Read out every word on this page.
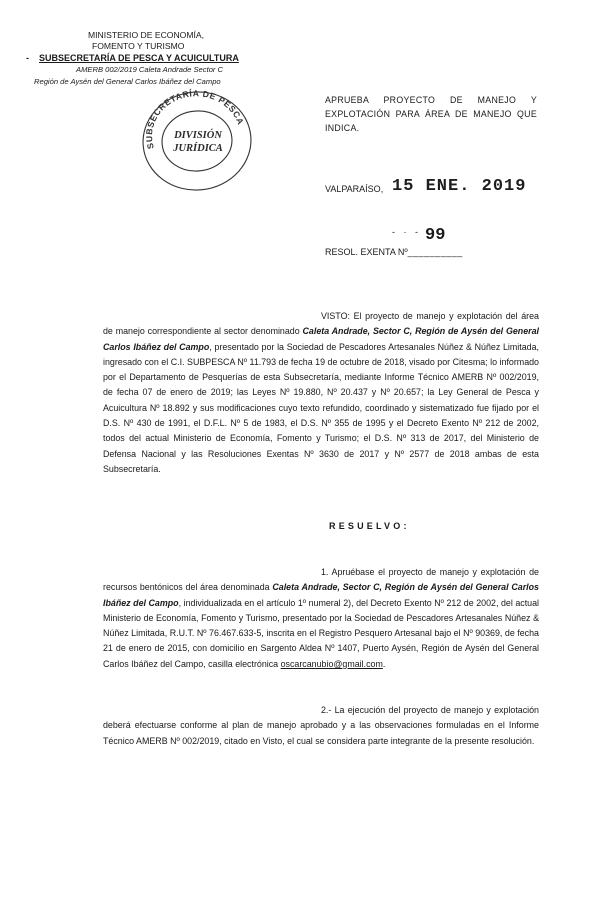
MINISTERIO DE ECONOMÍA,
FOMENTO Y TURISMO
- SUBSECRETARÍA DE PESCA Y ACUICULTURA
AMERB 002/2019 Caleta Andrade Sector C
Región de Aysén del General Carlos Ibáñez del Campo
SUBSECRETARÍA DE PESCA
DIVISIÓN
JURÍDICA
APRUEBA PROYECTO DE MANEJO Y
EXPLOTACIÓN PARA ÁREA DE MANEJO QUE
INDICA.
VALPARAÍSO, 15 ENE. 2019
- · - 99
RESOL. EXENTA Nº__________
VISTO: El proyecto de manejo y explotación del área de manejo correspondiente al sector denominado Caleta Andrade, Sector C, Región de Aysén del General Carlos Ibáñez del Campo, presentado por la Sociedad de Pescadores Artesanales Núñez & Núñez Limitada, ingresado con el C.I. SUBPESCA Nº 11.793 de fecha 19 de octubre de 2018, visado por Citesma; lo informado por el Departamento de Pesquerías de esta Subsecretaría, mediante Informe Técnico AMERB Nº 002/2019, de fecha 07 de enero de 2019; las Leyes Nº 19.880, Nº 20.437 y Nº 20.657; la Ley General de Pesca y Acuicultura Nº 18.892 y sus modificaciones cuyo texto refundido, coordinado y sistematizado fue fijado por el D.S. Nº 430 de 1991, el D.F.L. Nº 5 de 1983, el D.S. Nº 355 de 1995 y el Decreto Exento Nº 212 de 2002, todos del actual Ministerio de Economía, Fomento y Turismo; el D.S. Nº 313 de 2017, del Ministerio de Defensa Nacional y las Resoluciones Exentas Nº 3630 de 2017 y Nº 2577 de 2018 ambas de esta Subsecretaría.
RESUELVO:
1. Apruébase el proyecto de manejo y explotación de recursos bentónicos del área denominada Caleta Andrade, Sector C, Región de Aysén del General Carlos Ibáñez del Campo, individualizada en el artículo 1º numeral 2), del Decreto Exento Nº 212 de 2002, del actual Ministerio de Economía, Fomento y Turismo, presentado por la Sociedad de Pescadores Artesanales Núñez & Núñez Limitada, R.U.T. Nº 76.467.633-5, inscrita en el Registro Pesquero Artesanal bajo el Nº 90369, de fecha 21 de enero de 2015, con domicilio en Sargento Aldea Nº 1407, Puerto Aysén, Región de Aysén del General Carlos Ibáñez del Campo, casilla electrónica oscarcanubio@gmail.com.
2.- La ejecución del proyecto de manejo y explotación deberá efectuarse conforme al plan de manejo aprobado y a las observaciones formuladas en el Informe Técnico AMERB Nº 002/2019, citado en Visto, el cual se considera parte integrante de la presente resolución.
